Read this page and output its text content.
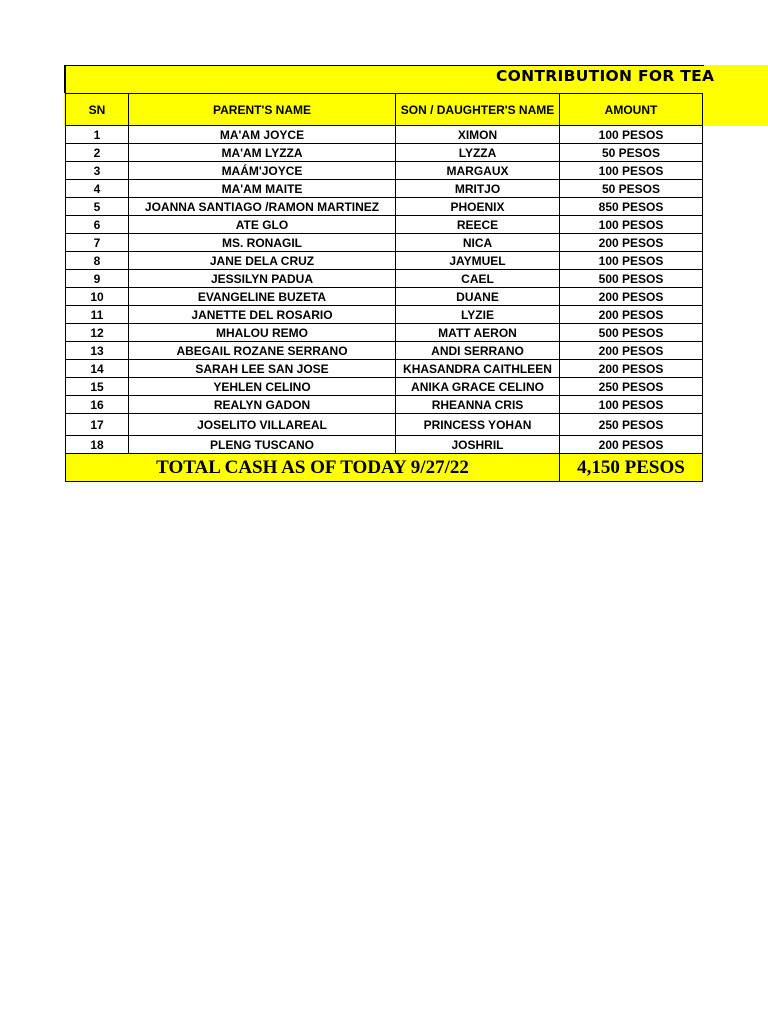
CONTRIBUTION FOR TEA
SN	PARENT'S NAME	SON / DAUGHTER'S NAME	AMOUNT
1	MA'AM JOYCE	XIMON	100 PESOS
2	MA'AM LYZZA	LYZZA	50 PESOS
3	MAÁM'JOYCE	MARGAUX	100 PESOS
4	MA'AM MAITE	MRITJO	50 PESOS
5	JOANNA SANTIAGO /RAMON MARTINEZ	PHOENIX	850 PESOS
6	ATE GLO	REECE	100 PESOS
7	MS. RONAGIL	NICA	200 PESOS
8	JANE DELA CRUZ	JAYMUEL	100 PESOS
9	JESSILYN PADUA	CAEL	500 PESOS
10	EVANGELINE BUZETA	DUANE	200 PESOS
11	JANETTE DEL ROSARIO	LYZIE	200 PESOS
12	MHALOU REMO	MATT AERON	500 PESOS
13	ABEGAIL ROZANE SERRANO	ANDI SERRANO	200 PESOS
14	SARAH LEE SAN JOSE	KHASANDRA CAITHLEEN	200 PESOS
15	YEHLEN CELINO	ANIKA GRACE CELINO	250 PESOS
16	REALYN GADON	RHEANNA CRIS	100 PESOS
17	JOSELITO VILLAREAL	PRINCESS YOHAN	250 PESOS
18	PLENG TUSCANO	JOSHRIL	200 PESOS
TOTAL CASH AS OF TODAY 9/27/22			4,150 PESOS
